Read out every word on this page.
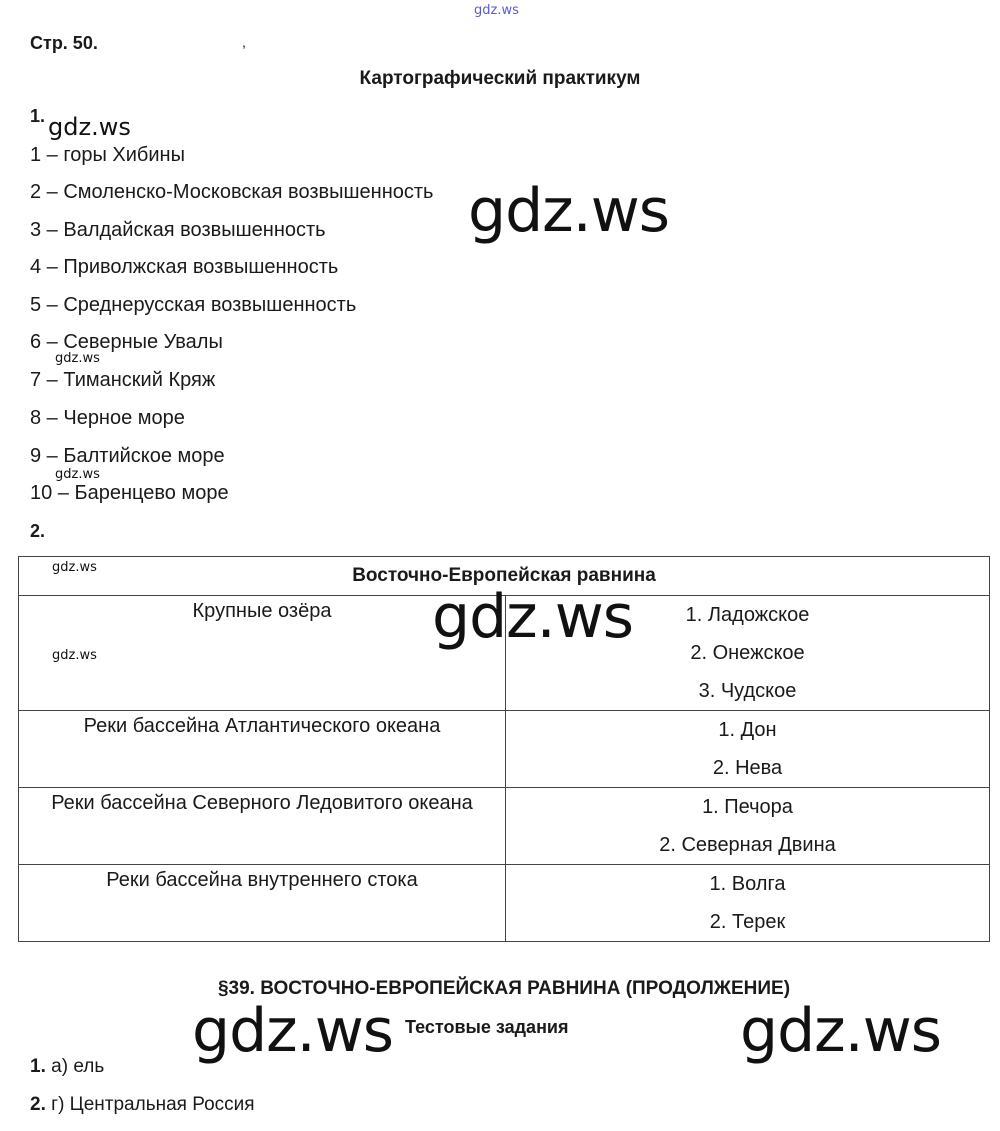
gdz.ws
Стр. 50.	,
Картографический практикум
1. gdz.ws
1 – горы Хибины
2 – Смоленско-Московская возвышенность
3 – Валдайская возвышенность
4 – Приволжская возвышенность
5 – Среднерусская возвышенность
6 – Северные Увалы
gdz.ws
7 – Тиманский Кряж
8 – Черное море
9 – Балтийское море
gdz.ws
10 – Баренцево море
gdz.ws
2.
Восточно-Европейская равнина	

Крупные озёра	1. Ладожское
2. Онежское
3. Чудское

Реки бассейна Атлантического океана	1. Дон
2. Нева

Реки бассейна Северного Ледовитого океана	1. Печора
2. Северная Двина

Реки бассейна внутреннего стока	1. Волга
2. Терек
gdz.ws
gdz.ws
gdz.ws
§39. ВОСТОЧНО-ЕВРОПЕЙСКАЯ РАВНИНА (ПРОДОЛЖЕНИЕ)
Тестовые задания
1. а) ель
2. г) Центральная Россия
gdz.ws	gdz.ws
